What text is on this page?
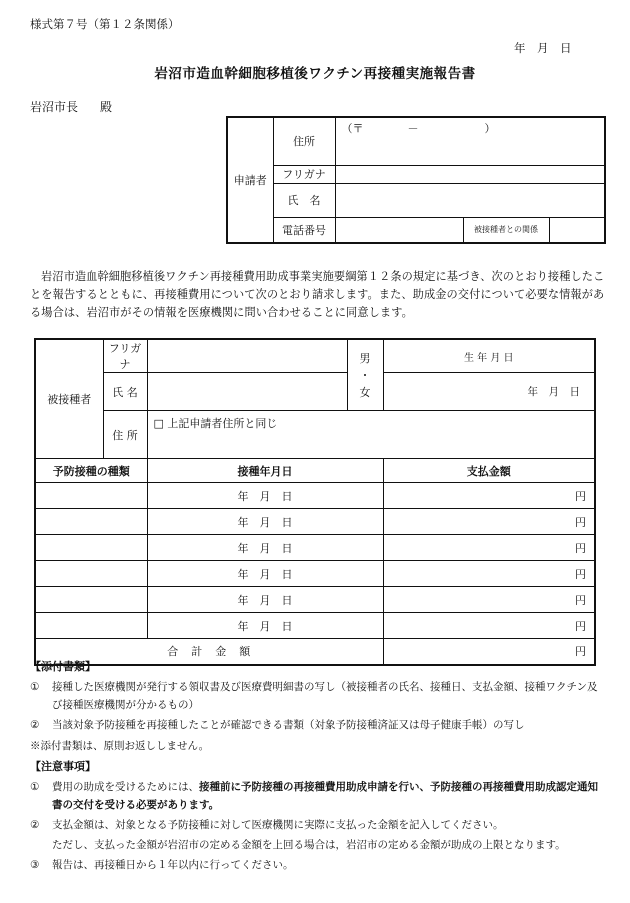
様式第７号（第１２条関係）
年　月　日
岩沼市造血幹細胞移植後ワクチン再接種実施報告書
岩沼市長 殿
申請者	住所	（〒　　　　－　　　　　　）		
	フリガナ			
	氏　名			
	電話番号		被接種者との関係	
岩沼市造血幹細胞移植後ワクチン再接種費用助成事業実施要綱第１２条の規定に基づき、次のとおり接種したことを報告するとともに、再接種費用について次のとおり請求します。また、助成金の交付について必要な情報がある場合は、岩沼市がその情報を医療機関に問い合わせることに同意します。
被接種者	フリガナ		男
・
女	生 年 月 日
	氏 名			年　月　日
	住 所	□ 上記申請者住所と同じ		
予防接種の種類		接種年月日		支払金額
		年　月　日		円
		年　月　日		円
		年　月　日		円
		年　月　日		円
		年　月　日		円
		年　月　日		円
合　計　金　額				円
【添付書類】
① 接種した医療機関が発行する領収書及び医療費明細書の写し（被接種者の氏名、接種日、支払金額、接種ワクチン及び接種医療機関が分かるもの）
② 当該対象予防接種を再接種したことが確認できる書類（対象予防接種済証又は母子健康手帳）の写し
※添付書類は、原則お返ししません。
【注意事項】
① 費用の助成を受けるためには、接種前に予防接種の再接種費用助成申請を行い、予防接種の再接種費用助成認定通知書の交付を受ける必要があります。
② 支払金額は、対象となる予防接種に対して医療機関に実際に支払った金額を記入してください。
ただし、支払った金額が岩沼市の定める金額を上回る場合は，岩沼市の定める金額が助成の上限となります。
③ 報告は、再接種日から１年以内に行ってください。
